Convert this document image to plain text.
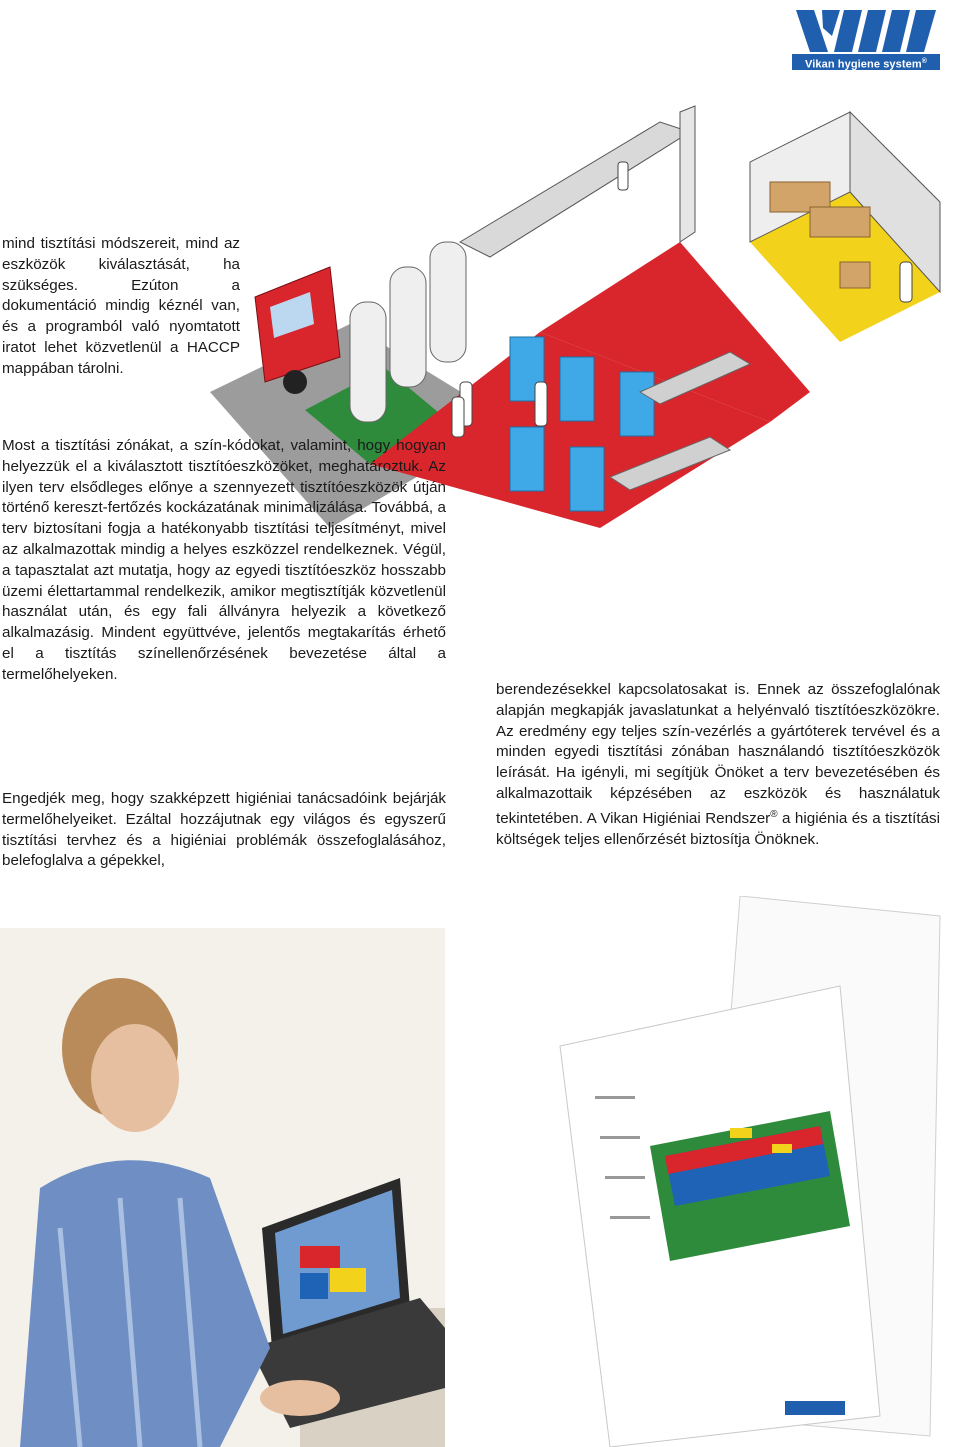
Vikan hygiene system®

mind tisztítási módszereit, mind az eszközök kiválasztását, ha szükséges. Ezúton a dokumentáció mindig kéznél van, és a programból való nyomtatott iratot lehet közvetlenül a HACCP mappában tárolni.

Most a tisztítási zónákat, a szín-kódokat, valamint, hogy hogyan helyezzük el a kiválasztott tisztítóeszközöket, meghatároztuk. Az ilyen terv elsődleges előnye a szennyezett tisztítóeszközök útján történő kereszt-fertőzés kockázatának minimalizálása. Továbbá, a terv biztosítani fogja a hatékonyabb tisztítási teljesítményt, mivel az alkalmazottak mindig a helyes eszközzel rendelkeznek. Végül, a tapasztalat azt mutatja, hogy az egyedi tisztítóeszköz hosszabb üzemi élettartammal rendelkezik, amikor megtisztítják közvetlenül használat után, és egy fali állványra helyezik a következő alkalmazásig. Mindent együttvéve, jelentős megtakarítás érhető el a tisztítás színellenőrzésének bevezetése által a termelőhelyeken.

Engedjék meg, hogy szakképzett higiéniai tanácsadóink bejárják termelőhelyeiket. Ezáltal hozzájutnak egy világos és egyszerű tisztítási tervhez és a higiéniai problémák összefoglalásához, belefoglalva a gépekkel,

berendezésekkel kapcsolatosakat is. Ennek az összefoglalónak alapján megkapják javaslatunkat a helyénvaló tisztítóeszközökre. Az eredmény egy teljes szín-vezérlés a gyártóterek tervével és a minden egyedi tisztítási zónában használandó tisztítóeszközök leírását. Ha igényli, mi segítjük Önöket a terv bevezetésében és alkalmazottaik képzésében az eszközök és használatuk tekintetében. A Vikan Higiéniai Rendszer® a higiénia és a tisztítási költségek teljes ellenőrzését biztosítja Önöknek.
